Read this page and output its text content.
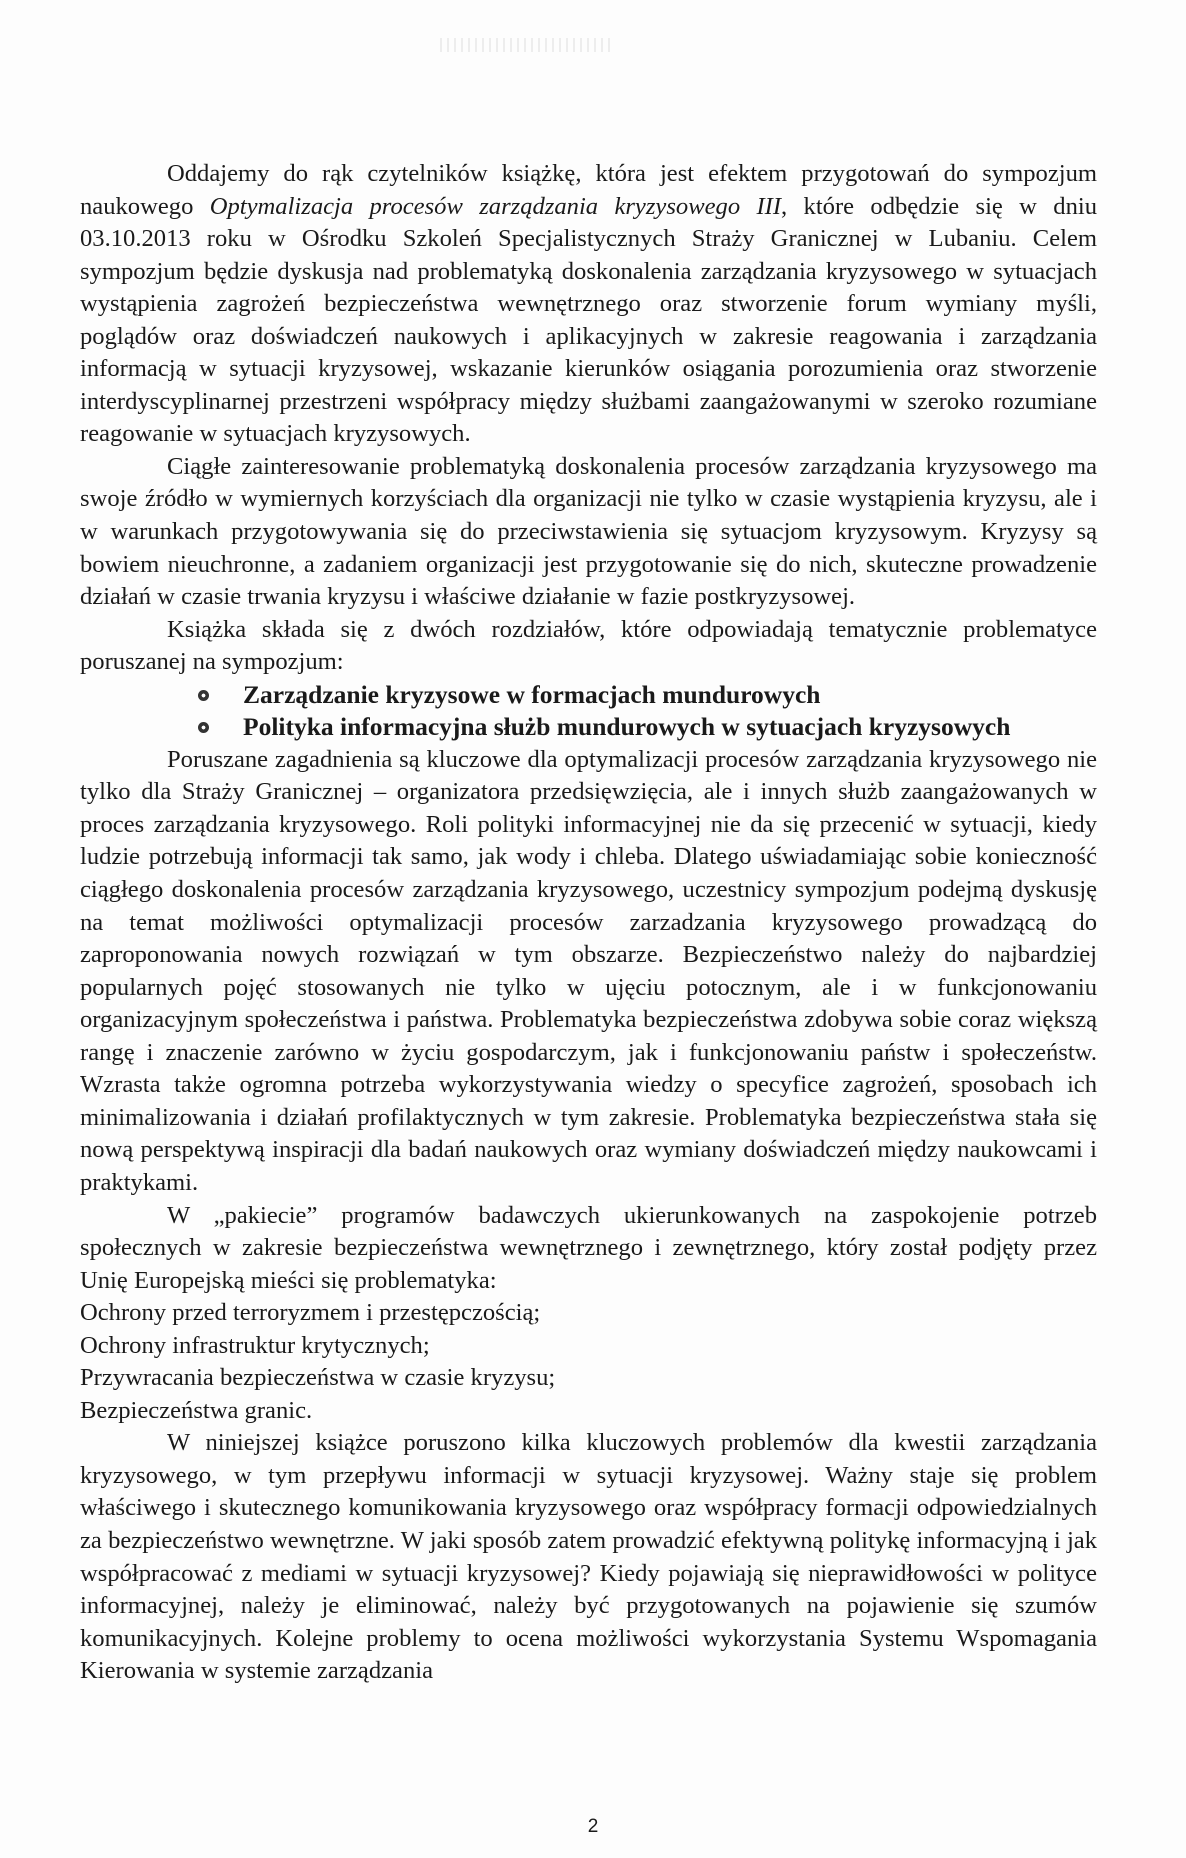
Oddajemy do rąk czytelników książkę, która jest efektem przygotowań do sympozjum naukowego Optymalizacja procesów zarządzania kryzysowego III, które odbędzie się w dniu 03.10.2013 roku w Ośrodku Szkoleń Specjalistycznych Straży Granicznej w Lubaniu. Celem sympozjum będzie dyskusja nad problematyką doskonalenia zarządzania kryzysowego w sytuacjach wystąpienia zagrożeń bezpieczeństwa wewnętrznego oraz stworzenie forum wymiany myśli, poglądów oraz doświadczeń naukowych i aplikacyjnych w zakresie reagowania i zarządzania informacją w sytuacji kryzysowej, wskazanie kierunków osiągania porozumienia oraz stworzenie interdyscyplinarnej przestrzeni współpracy między służbami zaangażowanymi w szeroko rozumiane reagowanie w sytuacjach kryzysowych.

Ciągłe zainteresowanie problematyką doskonalenia procesów zarządzania kryzysowego ma swoje źródło w wymiernych korzyściach dla organizacji nie tylko w czasie wystąpienia kryzysu, ale i w warunkach przygotowywania się do przeciwstawienia się sytuacjom kryzysowym. Kryzysy są bowiem nieuchronne, a zadaniem organizacji jest przygotowanie się do nich, skuteczne prowadzenie działań w czasie trwania kryzysu i właściwe działanie w fazie postkryzysowej.

Książka składa się z dwóch rozdziałów, które odpowiadają tematycznie problematyce poruszanej na sympozjum:

Zarządzanie kryzysowe w formacjach mundurowych
Polityka informacyjna służb mundurowych w sytuacjach kryzysowych

Poruszane zagadnienia są kluczowe dla optymalizacji procesów zarządzania kryzysowego nie tylko dla Straży Granicznej – organizatora przedsięwzięcia, ale i innych służb zaangażowanych w proces zarządzania kryzysowego. Roli polityki informacyjnej nie da się przecenić w sytuacji, kiedy ludzie potrzebują informacji tak samo, jak wody i chleba. Dlatego uświadamiając sobie konieczność ciągłego doskonalenia procesów zarządzania kryzysowego, uczestnicy sympozjum podejmą dyskusję na temat możliwości optymalizacji procesów zarzadzania kryzysowego prowadzącą do zaproponowania nowych rozwiązań w tym obszarze. Bezpieczeństwo należy do najbardziej popularnych pojęć stosowanych nie tylko w ujęciu potocznym, ale i w funkcjonowaniu organizacyjnym społeczeństwa i państwa. Problematyka bezpieczeństwa zdobywa sobie coraz większą rangę i znaczenie zarówno w życiu gospodarczym, jak i funkcjonowaniu państw i społeczeństw. Wzrasta także ogromna potrzeba wykorzystywania wiedzy o specyfice zagrożeń, sposobach ich minimalizowania i działań profilaktycznych w tym zakresie. Problematyka bezpieczeństwa stała się nową perspektywą inspiracji dla badań naukowych oraz wymiany doświadczeń między naukowcami i praktykami.

W „pakiecie” programów badawczych ukierunkowanych na zaspokojenie potrzeb społecznych w zakresie bezpieczeństwa wewnętrznego i zewnętrznego, który został podjęty przez Unię Europejską mieści się problematyka:

Ochrony przed terroryzmem i przestępczością;
Ochrony infrastruktur krytycznych;
Przywracania bezpieczeństwa w czasie kryzysu;
Bezpieczeństwa granic.

W niniejszej książce poruszono kilka kluczowych problemów dla kwestii zarządzania kryzysowego, w tym przepływu informacji w sytuacji kryzysowej. Ważny staje się problem właściwego i skutecznego komunikowania kryzysowego oraz współpracy formacji odpowiedzialnych za bezpieczeństwo wewnętrzne. W jaki sposób zatem prowadzić efektywną politykę informacyjną i jak współpracować z mediami w sytuacji kryzysowej? Kiedy pojawiają się nieprawidłowości w polityce informacyjnej, należy je eliminować, należy być przygotowanych na pojawienie się szumów komunikacyjnych. Kolejne problemy to ocena możliwości wykorzystania Systemu Wspomagania Kierowania w systemie zarządzania

2
